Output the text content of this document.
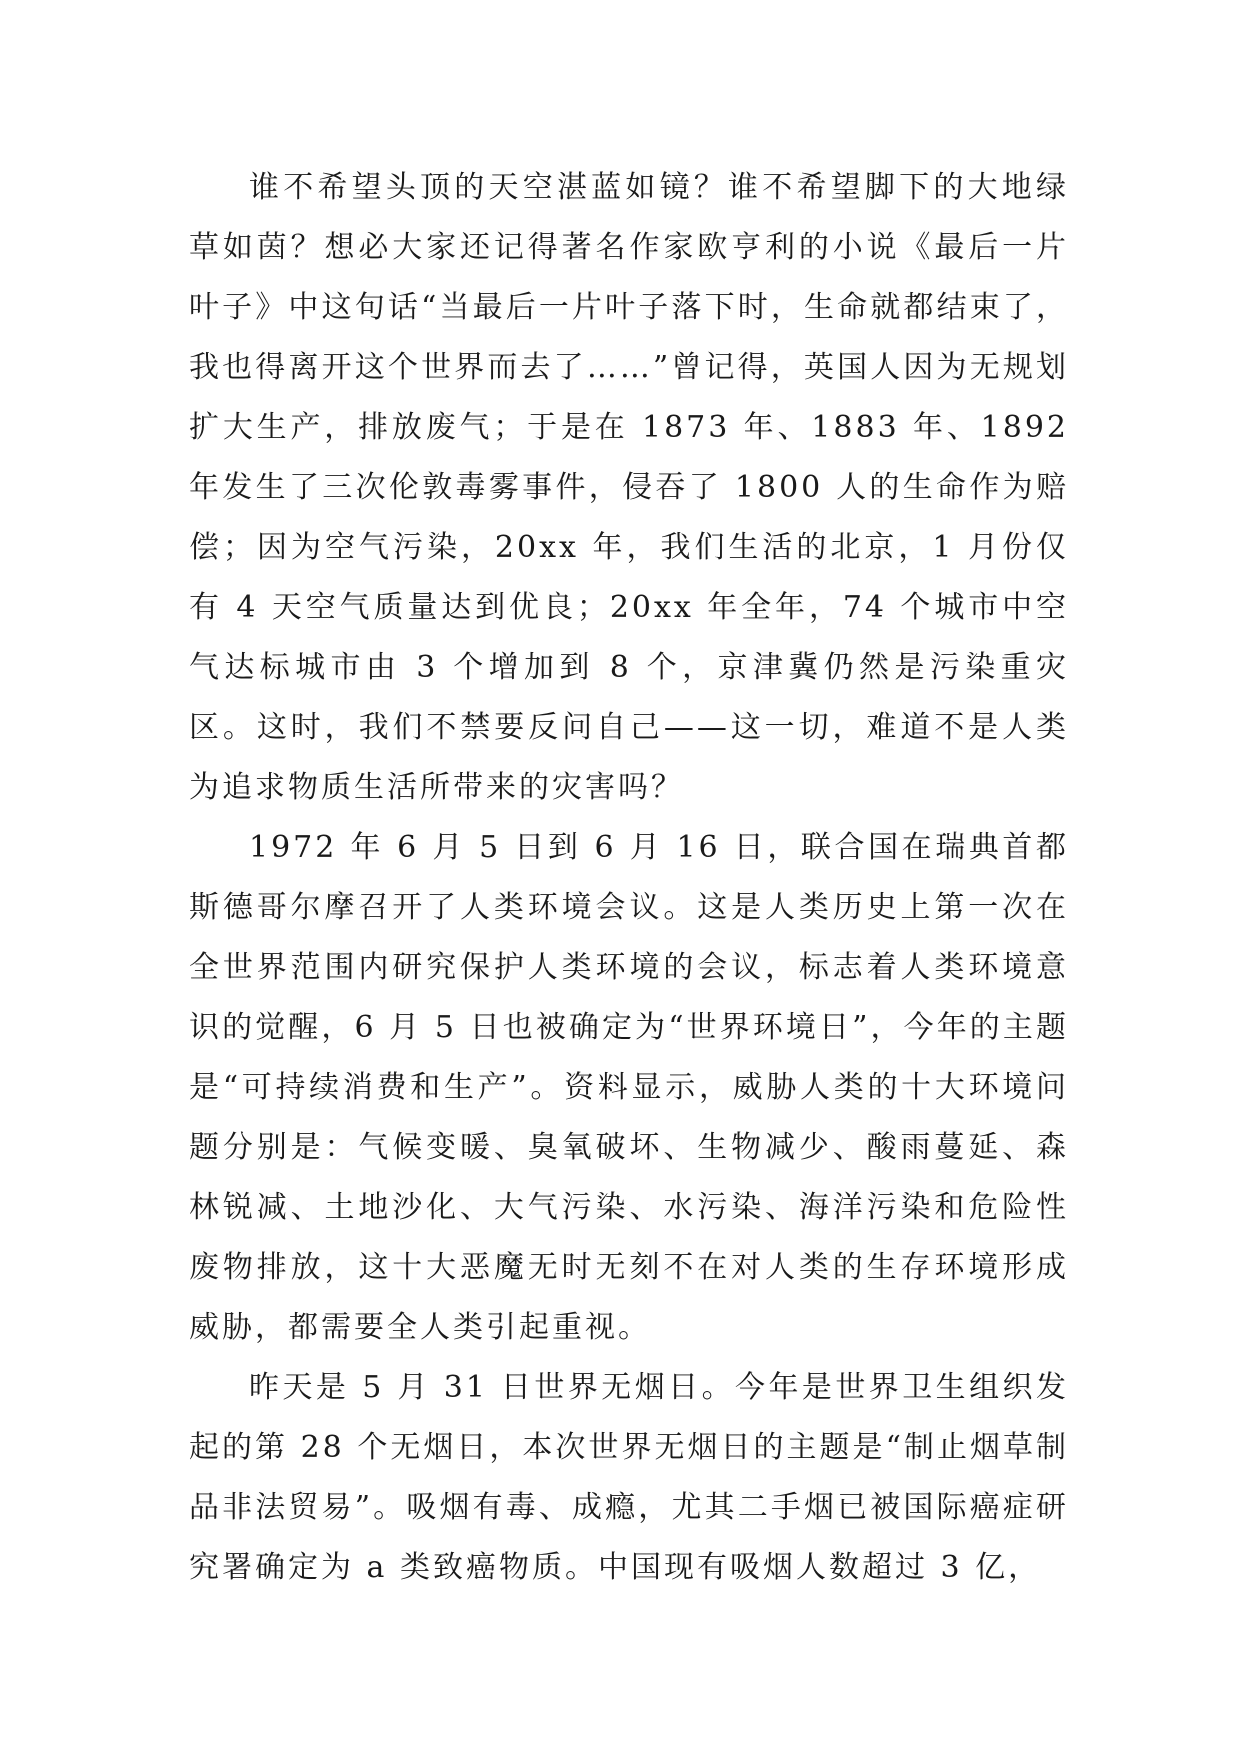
谁不希望头顶的天空湛蓝如镜？谁不希望脚下的大地绿草如茵？想必大家还记得著名作家欧亨利的小说《最后一片叶子》中这句话“当最后一片叶子落下时，生命就都结束了，我也得离开这个世界而去了……”曾记得，英国人因为无规划扩大生产，排放废气；于是在 1873 年、1883 年、1892 年发生了三次伦敦毒雾事件，侵吞了 1800 人的生命作为赔偿；因为空气污染，20xx 年，我们生活的北京，1 月份仅有 4 天空气质量达到优良；20xx 年全年，74 个城市中空气达标城市由 3 个增加到 8 个，京津冀仍然是污染重灾区。这时，我们不禁要反问自己——这一切，难道不是人类为追求物质生活所带来的灾害吗？

1972 年 6 月 5 日到 6 月 16 日，联合国在瑞典首都斯德哥尔摩召开了人类环境会议。这是人类历史上第一次在全世界范围内研究保护人类环境的会议，标志着人类环境意识的觉醒，6 月 5 日也被确定为“世界环境日”，今年的主题是“可持续消费和生产”。资料显示，威胁人类的十大环境问题分别是：气候变暖、臭氧破坏、生物减少、酸雨蔓延、森林锐减、土地沙化、大气污染、水污染、海洋污染和危险性废物排放，这十大恶魔无时无刻不在对人类的生存环境形成威胁，都需要全人类引起重视。

昨天是 5 月 31 日世界无烟日。今年是世界卫生组织发起的第 28 个无烟日，本次世界无烟日的主题是“制止烟草制品非法贸易”。吸烟有毒、成瘾，尤其二手烟已被国际癌症研究署确定为 a 类致癌物质。中国现有吸烟人数超过 3 亿，
